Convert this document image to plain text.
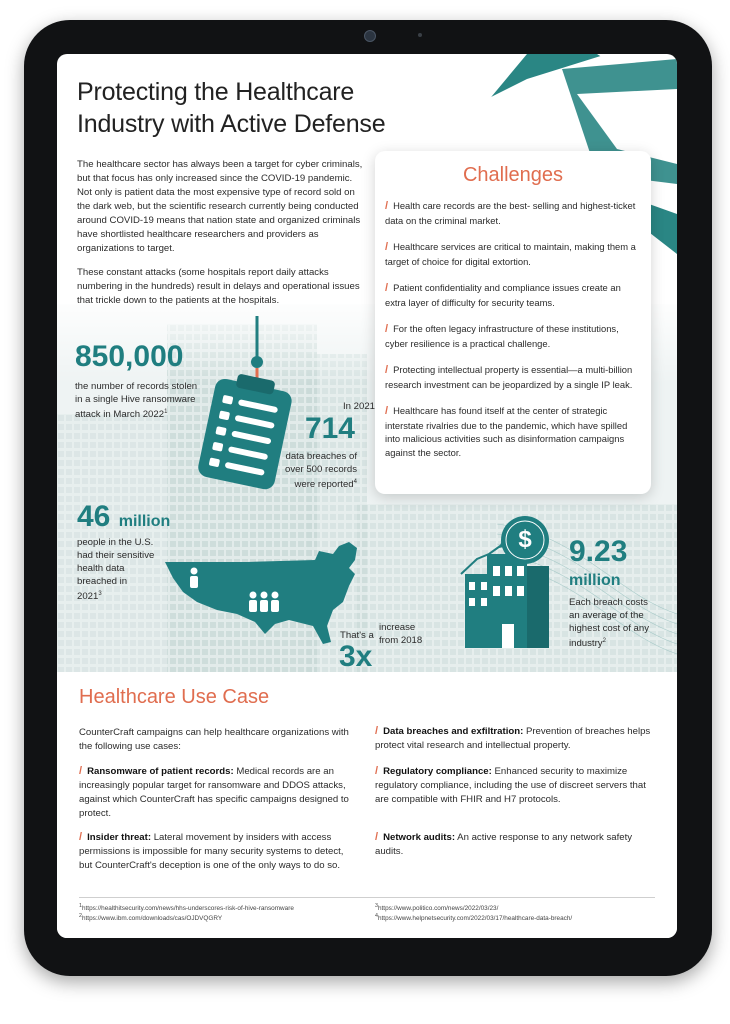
Protecting the Healthcare
Industry with Active Defense

The healthcare sector has always been a target for cyber criminals, but that focus has only increased since the COVID-19 pandemic. Not only is patient data the most expensive type of record sold on the dark web, but the scientific research currently being conducted around COVID-19 means that nation state and organized criminals have shortlisted healthcare researchers and providers as organizations to target.

These constant attacks (some hospitals report daily attacks numbering in the hundreds) result in delays and operational issues that trickle down to the patients at the hospitals.

Challenges
/ Health care records are the best- selling and highest-ticket data on the criminal market.
/ Healthcare services are critical to maintain, making them a target of choice for digital extortion.
/ Patient confidentiality and compliance issues create an extra layer of difficulty for security teams.
/ For the often legacy infrastructure of these institutions, cyber resilience is a practical challenge.
/ Protecting intellectual property is essential—a multi-billion research investment can be jeopardized by a single IP leak.
/ Healthcare has found itself at the center of strategic interstate rivalries due to the pandemic, which have spilled into malicious activities such as disinformation campaigns against the sector.
850,000
the number of records stolen
in a single Hive ransomware
attack in March 2022$^1$	In 2021
714
data breaches of
over 500 records
were reported$^4$
46 million
people in the U.S.
had their sensitive
health data
breached in
2021$^3$
That's a
3x
increase
from 2018
$ 9.23
million
Each breach costs
an average of the
highest cost of any
industry$^2$
Healthcare Use Case
CounterCraft campaigns can help healthcare organizations with the following use cases:
/ Ransomware of patient records: Medical records are an increasingly popular target for ransomware and DDOS attacks, against which CounterCraft has specific campaigns designed to protect.
/ Insider threat: Lateral movement by insiders with access permissions is impossible for many security systems to detect, but CounterCraft's deception is one of the only ways to do so.
/ Data breaches and exfiltration: Prevention of breaches helps protect vital research and intellectual property.
/ Regulatory compliance: Enhanced security to maximize regulatory compliance, including the use of discreet servers that are compatible with FHIR and H7 protocols.
/ Network audits: An active response to any network safety audits.
$^1$https://healthitsecurity.com/news/hhs-underscores-risk-of-hive-ransomware
$^2$https://www.ibm.com/downloads/cas/OJDVQGRY
$^3$https://www.politico.com/news/2022/03/23/
$^4$https://www.helpnetsecurity.com/2022/03/17/healthcare-data-breach/
